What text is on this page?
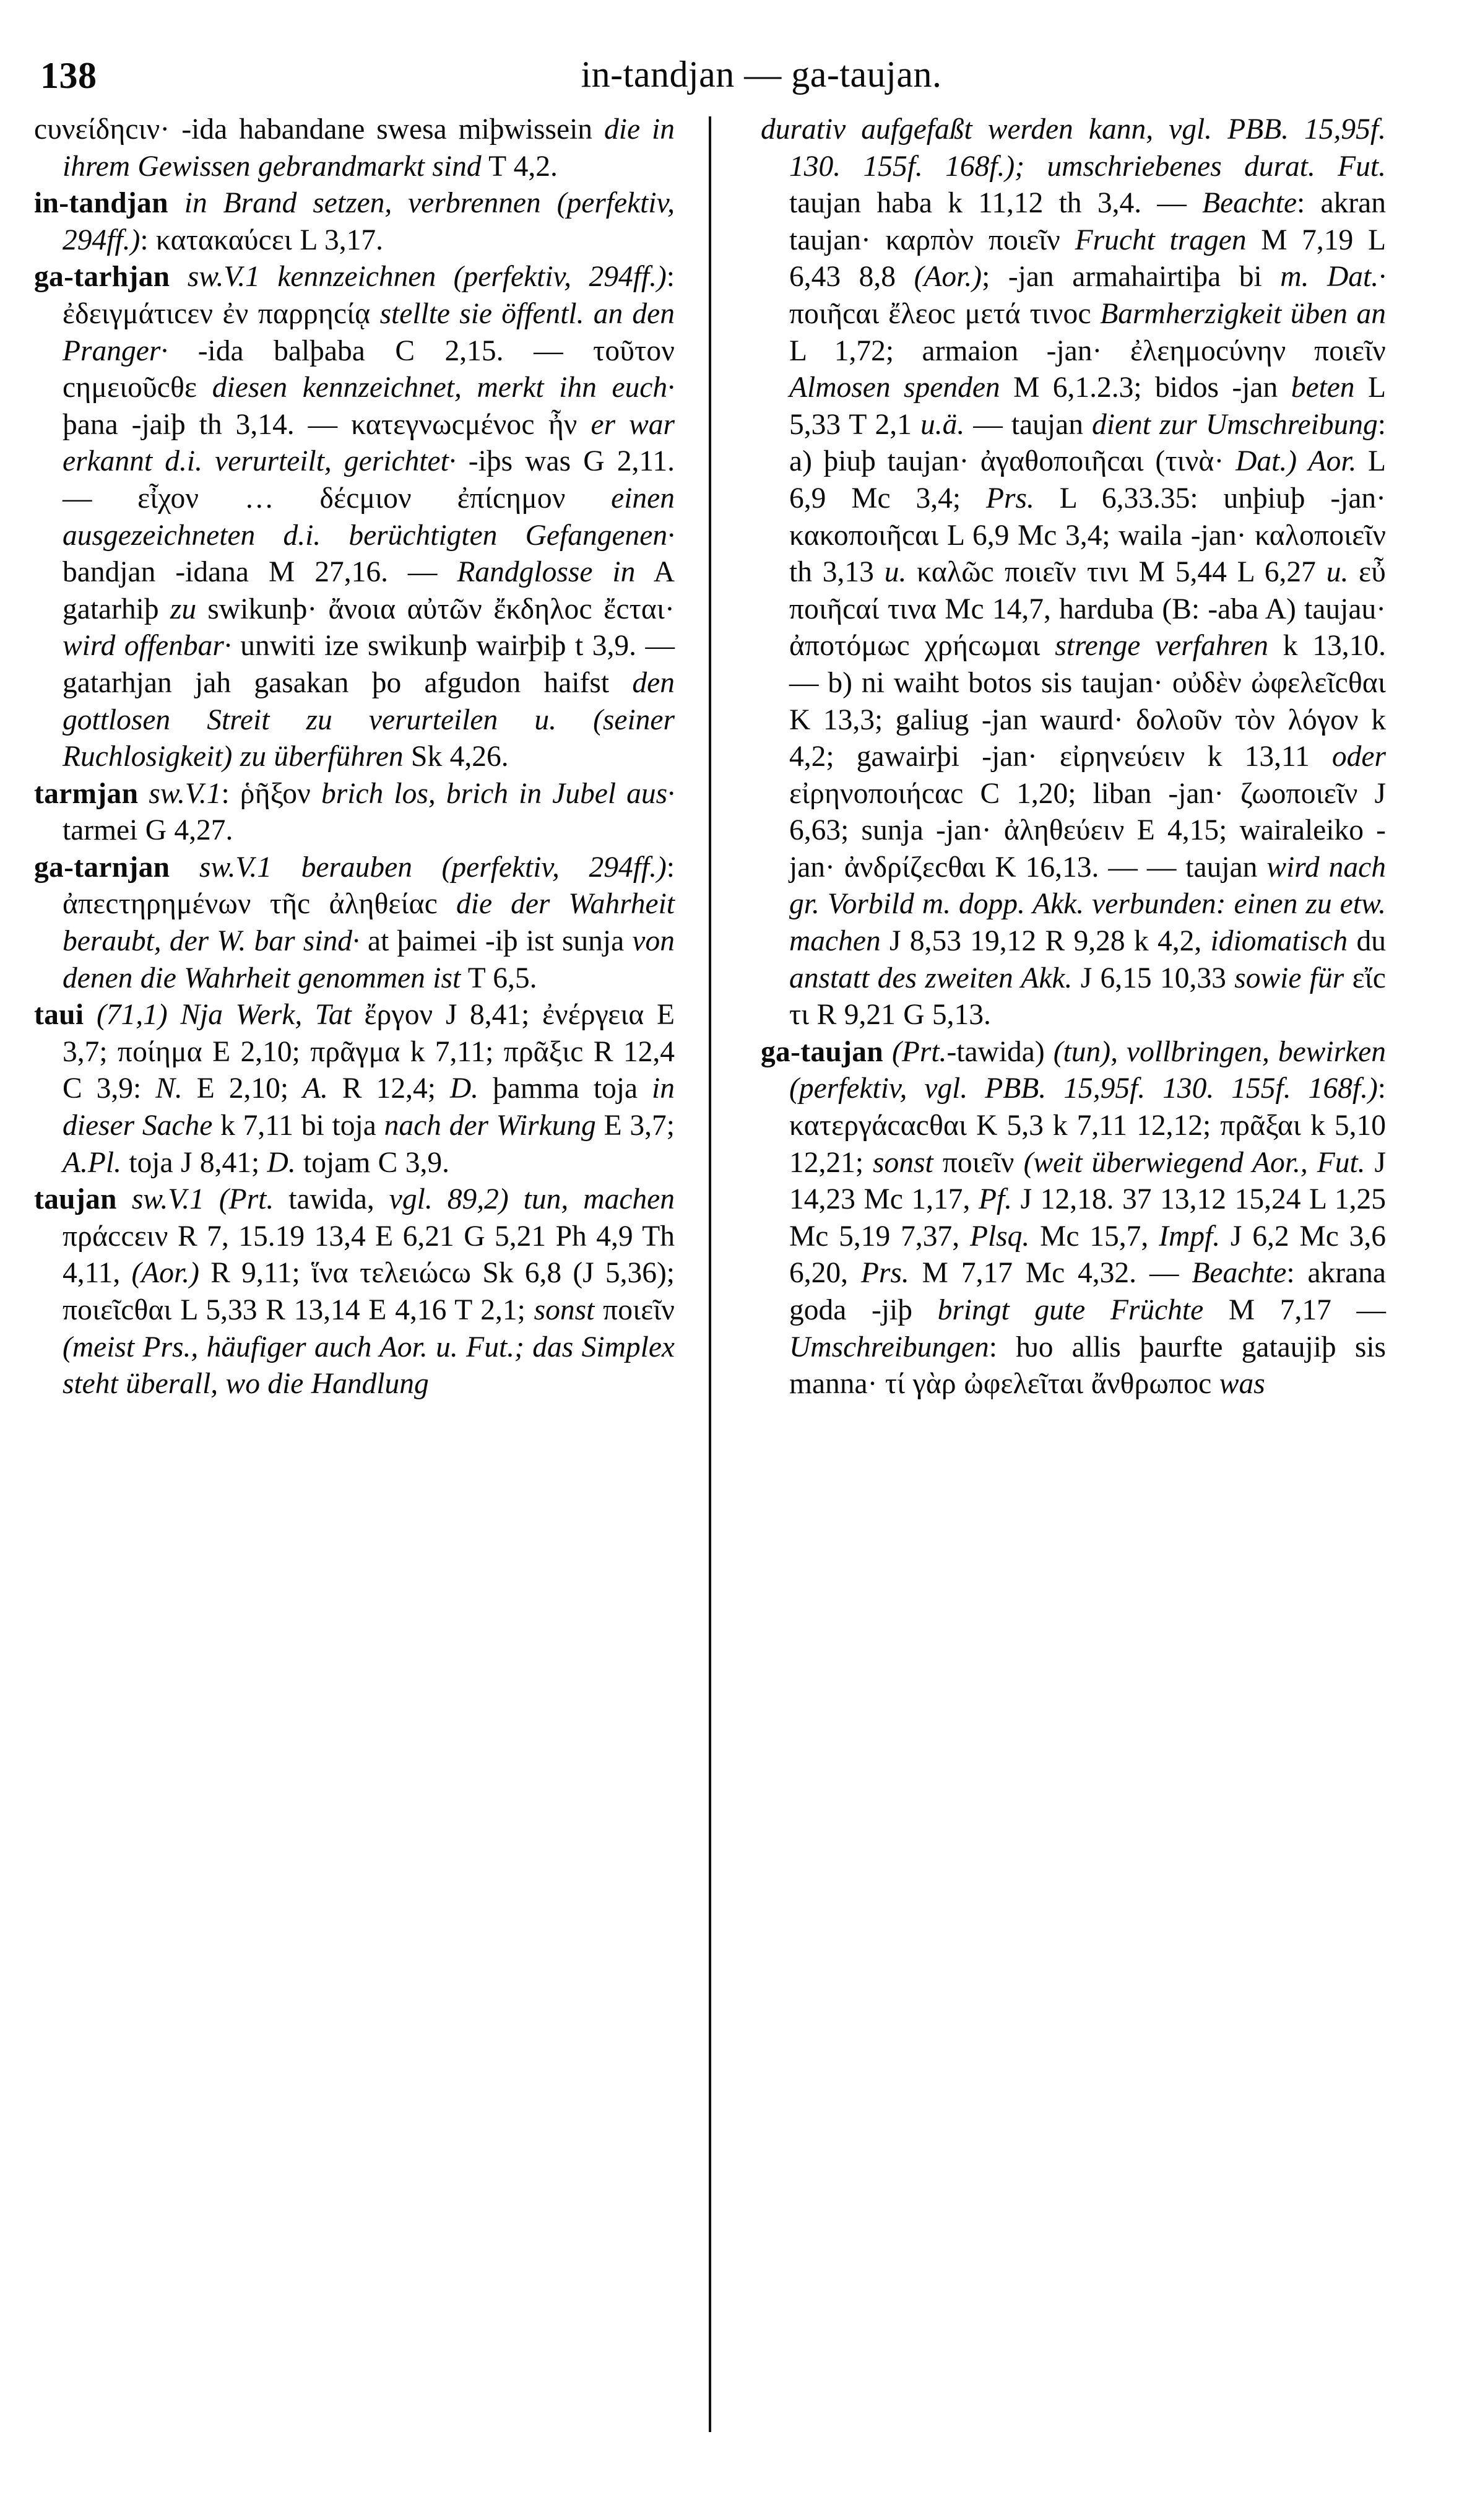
138	in-tandjan — ga-taujan.
cυνείδηcιν· -ida habandane swesa miþwissein die in ihrem Gewissen gebrandmarkt sind T 4,2.
in-tandjan in Brand setzen, verbrennen (perfektiv, 294ff.): κατακαύcει L 3,17.
ga-tarhjan sw.V.1 kennzeichnen (perfektiv, 294ff.): ἐδειγμάτιcεν ἐν παρρηcίᾳ stellte sie öffentl. an den Pranger· -ida balþaba C 2,15. — τοῦτον cημειοῦcθε diesen kennzeichnet, merkt ihn euch· þana -jaiþ th 3,14. — κατεγνωcμένοc ἦν er war erkannt d.i. verurteilt, gerichtet· -iþs was G 2,11. — εἶχον … δέcμιον ἐπίcημον einen ausgezeichneten d.i. berüchtigten Gefangenen· bandjan -idana M 27,16. — Randglosse in A gatarhiþ zu swikunþ· ἄνοια αὐτῶν ἔκδηλοc ἔcται· wird offenbar· unwiti ize swikunþ wairþiþ t 3,9. — gatarhjan jah gasakan þo afgudon haifst den gottlosen Streit zu verurteilen u. (seiner Ruchlosigkeit) zu überführen Sk 4,26.
tarmjan sw.V.1: ῥῆξον brich los, brich in Jubel aus· tarmei G 4,27.
ga-tarnjan sw.V.1 berauben (perfektiv, 294ff.): ἀπεcτηρημένων τῆc ἀληθείαc die der Wahrheit beraubt, der W. bar sind· at þaimei -iþ ist sunja von denen die Wahrheit genommen ist T 6,5.
taui (71,1) Nja Werk, Tat ἔργον J 8,41; ἐνέργεια E 3,7; ποίημα E 2,10; πρᾶγμα k 7,11; πρᾶξιc R 12,4 C 3,9: N. E 2,10; A. R 12,4; D. þamma toja in dieser Sache k 7,11 bi toja nach der Wirkung E 3,7; A.Pl. toja J 8,41; D. tojam C 3,9.
taujan sw.V.1 (Prt. tawida, vgl. 89,2) tun, machen πράccειν R 7, 15.19 13,4 E 6,21 G 5,21 Ph 4,9 Th 4,11, (Aor.) R 9,11; ἵνα τελειώcω Sk 6,8 (J 5,36); ποιεῖcθαι L 5,33 R 13,14 E 4,16 T 2,1; sonst ποιεῖν (meist Prs., häufiger auch Aor. u. Fut.; das Simplex steht überall, wo die Handlung
durativ aufgefaßt werden kann, vgl. PBB. 15,95f. 130. 155f. 168f.); umschriebenes durat. Fut. taujan haba k 11,12 th 3,4. — Beachte: akran taujan· καρπὸν ποιεῖν Frucht tragen M 7,19 L 6,43 8,8 (Aor.); -jan armahairtiþa bi m. Dat.· ποιῆcαι ἔλεοc μετά τινοc Barmherzigkeit üben an L 1,72; armaion -jan· ἐλεημοcύνην ποιεῖν Almosen spenden M 6,1.2.3; bidos -jan beten L 5,33 T 2,1 u.ä. — taujan dient zur Umschreibung: a) þiuþ taujan· ἀγαθοποιῆcαι (τινὰ· Dat.) Aor. L 6,9 Mc 3,4; Prs. L 6,33.35: unþiuþ -jan· κακοποιῆcαι L 6,9 Mc 3,4; waila -jan· καλοποιεῖν th 3,13 u. καλῶc ποιεῖν τινι M 5,44 L 6,27 u. εὖ ποιῆcαί τινα Mc 14,7, harduba (B: -aba A) taujau· ἀποτόμωc χρήcωμαι strenge verfahren k 13,10. — b) ni waiht botos sis taujan· οὐδὲν ὠφελεῖcθαι K 13,3; galiug -jan waurd· δολοῦν τὸν λόγον k 4,2; gawairþi -jan· εἰρηνεύειν k 13,11 oder εἰρηνοποιήcαc C 1,20; liban -jan· ζωοποιεῖν J 6,63; sunja -jan· ἀληθεύειν E 4,15; wairaleiko -jan· ἀνδρίζεcθαι K 16,13. — — taujan wird nach gr. Vorbild m. dopp. Akk. verbunden: einen zu etw. machen J 8,53 19,12 R 9,28 k 4,2, idiomatisch du anstatt des zweiten Akk. J 6,15 10,33 sowie für εἴc τι R 9,21 G 5,13.
ga-taujan (Prt.-tawida) (tun), vollbringen, bewirken (perfektiv, vgl. PBB. 15,95f. 130. 155f. 168f.): κατεργάcαcθαι K 5,3 k 7,11 12,12; πρᾶξαι k 5,10 12,21; sonst ποιεῖν (weit überwiegend Aor., Fut. J 14,23 Mc 1,17, Pf. J 12,18. 37 13,12 15,24 L 1,25 Mc 5,19 7,37, Plsq. Mc 15,7, Impf. J 6,2 Mc 3,6 6,20, Prs. M 7,17 Mc 4,32. — Beachte: akrana goda -jiþ bringt gute Früchte M 7,17 — Umschreibungen: ƕo allis þaurfte gataujiþ sis manna· τί γὰρ ὠφελεῖται ἄνθρωποc was
